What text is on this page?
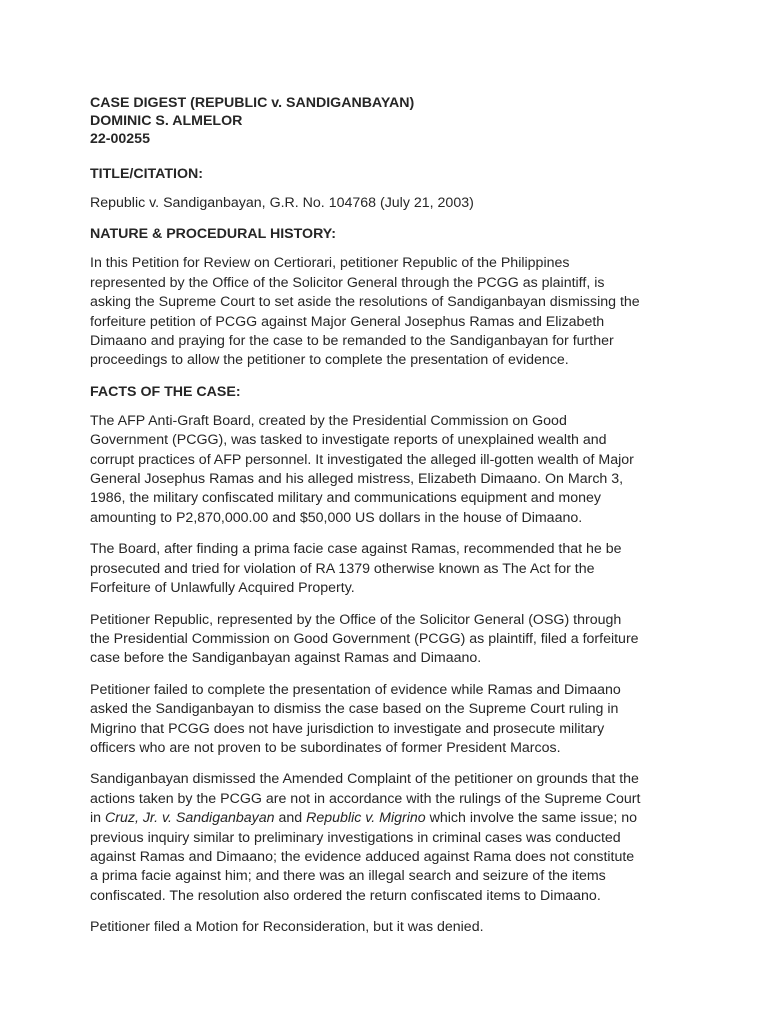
CASE DIGEST (REPUBLIC v. SANDIGANBAYAN)

DOMINIC S. ALMELOR

22-00255

TITLE/CITATION:

Republic v. Sandiganbayan, G.R. No. 104768 (July 21, 2003)

NATURE & PROCEDURAL HISTORY:

In this Petition for Review on Certiorari, petitioner Republic of the Philippines
represented by the Office of the Solicitor General through the PCGG as plaintiff, is
asking the Supreme Court to set aside the resolutions of Sandiganbayan dismissing the
forfeiture petition of PCGG against Major General Josephus Ramas and Elizabeth
Dimaano and praying for the case to be remanded to the Sandiganbayan for further
proceedings to allow the petitioner to complete the presentation of evidence.

FACTS OF THE CASE:

The AFP Anti-Graft Board, created by the Presidential Commission on Good
Government (PCGG), was tasked to investigate reports of unexplained wealth and
corrupt practices of AFP personnel. It investigated the alleged ill-gotten wealth of Major
General Josephus Ramas and his alleged mistress, Elizabeth Dimaano. On March 3,
1986, the military confiscated military and communications equipment and money
amounting to P2,870,000.00 and $50,000 US dollars in the house of Dimaano.
The Board, after finding a prima facie case against Ramas, recommended that he be
prosecuted and tried for violation of RA 1379 otherwise known as The Act for the
Forfeiture of Unlawfully Acquired Property.
Petitioner Republic, represented by the Office of the Solicitor General (OSG) through
the Presidential Commission on Good Government (PCGG) as plaintiff, filed a forfeiture
case before the Sandiganbayan against Ramas and Dimaano.
Petitioner failed to complete the presentation of evidence while Ramas and Dimaano
asked the Sandiganbayan to dismiss the case based on the Supreme Court ruling in
Migrino that PCGG does not have jurisdiction to investigate and prosecute military
officers who are not proven to be subordinates of former President Marcos.
Sandiganbayan dismissed the Amended Complaint of the petitioner on grounds that the
actions taken by the PCGG are not in accordance with the rulings of the Supreme Court
in Cruz, Jr. v. Sandiganbayan and Republic v. Migrino which involve the same issue; no
previous inquiry similar to preliminary investigations in criminal cases was conducted
against Ramas and Dimaano; the evidence adduced against Rama does not constitute
a prima facie against him; and there was an illegal search and seizure of the items
confiscated. The resolution also ordered the return confiscated items to Dimaano.
Petitioner filed a Motion for Reconsideration, but it was denied.
